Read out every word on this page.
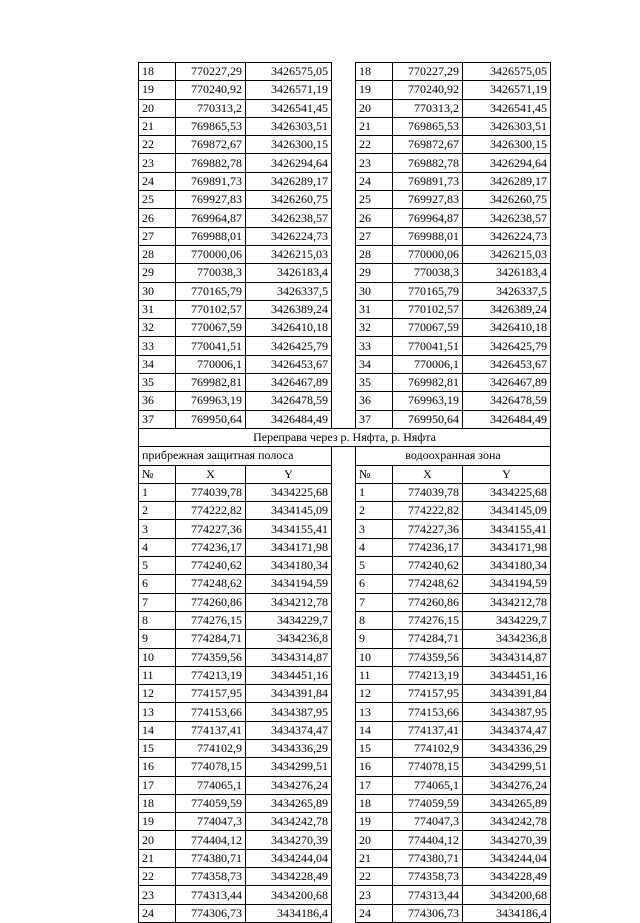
18	770227,29	3426575,05		18	770227,29	3426575,05
19	770240,92	3426571,19		19	770240,92	3426571,19
20	770313,2	3426541,45		20	770313,2	3426541,45
21	769865,53	3426303,51		21	769865,53	3426303,51
22	769872,67	3426300,15		22	769872,67	3426300,15
23	769882,78	3426294,64		23	769882,78	3426294,64
24	769891,73	3426289,17		24	769891,73	3426289,17
25	769927,83	3426260,75		25	769927,83	3426260,75
26	769964,87	3426238,57		26	769964,87	3426238,57
27	769988,01	3426224,73		27	769988,01	3426224,73
28	770000,06	3426215,03		28	770000,06	3426215,03
29	770038,3	3426183,4		29	770038,3	3426183,4
30	770165,79	3426337,5		30	770165,79	3426337,5
31	770102,57	3426389,24		31	770102,57	3426389,24
32	770067,59	3426410,18		32	770067,59	3426410,18
33	770041,51	3426425,79		33	770041,51	3426425,79
34	770006,1	3426453,67		34	770006,1	3426453,67
35	769982,81	3426467,89		35	769982,81	3426467,89
36	769963,19	3426478,59		36	769963,19	3426478,59
37	769950,64	3426484,49		37	769950,64	3426484,49
Переправа через р. Няфта, р. Няфта						
прибрежная защитная полоса				водоохранная зона		
№	X	Y		№	X	Y
1	774039,78	3434225,68		1	774039,78	3434225,68
2	774222,82	3434145,09		2	774222,82	3434145,09
3	774227,36	3434155,41		3	774227,36	3434155,41
4	774236,17	3434171,98		4	774236,17	3434171,98
5	774240,62	3434180,34		5	774240,62	3434180,34
6	774248,62	3434194,59		6	774248,62	3434194,59
7	774260,86	3434212,78		7	774260,86	3434212,78
8	774276,15	3434229,7		8	774276,15	3434229,7
9	774284,71	3434236,8		9	774284,71	3434236,8
10	774359,56	3434314,87		10	774359,56	3434314,87
11	774213,19	3434451,16		11	774213,19	3434451,16
12	774157,95	3434391,84		12	774157,95	3434391,84
13	774153,66	3434387,95		13	774153,66	3434387,95
14	774137,41	3434374,47		14	774137,41	3434374,47
15	774102,9	3434336,29		15	774102,9	3434336,29
16	774078,15	3434299,51		16	774078,15	3434299,51
17	774065,1	3434276,24		17	774065,1	3434276,24
18	774059,59	3434265,89		18	774059,59	3434265,89
19	774047,3	3434242,78		19	774047,3	3434242,78
20	774404,12	3434270,39		20	774404,12	3434270,39
21	774380,71	3434244,04		21	774380,71	3434244,04
22	774358,73	3434228,49		22	774358,73	3434228,49
23	774313,44	3434200,68		23	774313,44	3434200,68
24	774306,73	3434186,4		24	774306,73	3434186,4
